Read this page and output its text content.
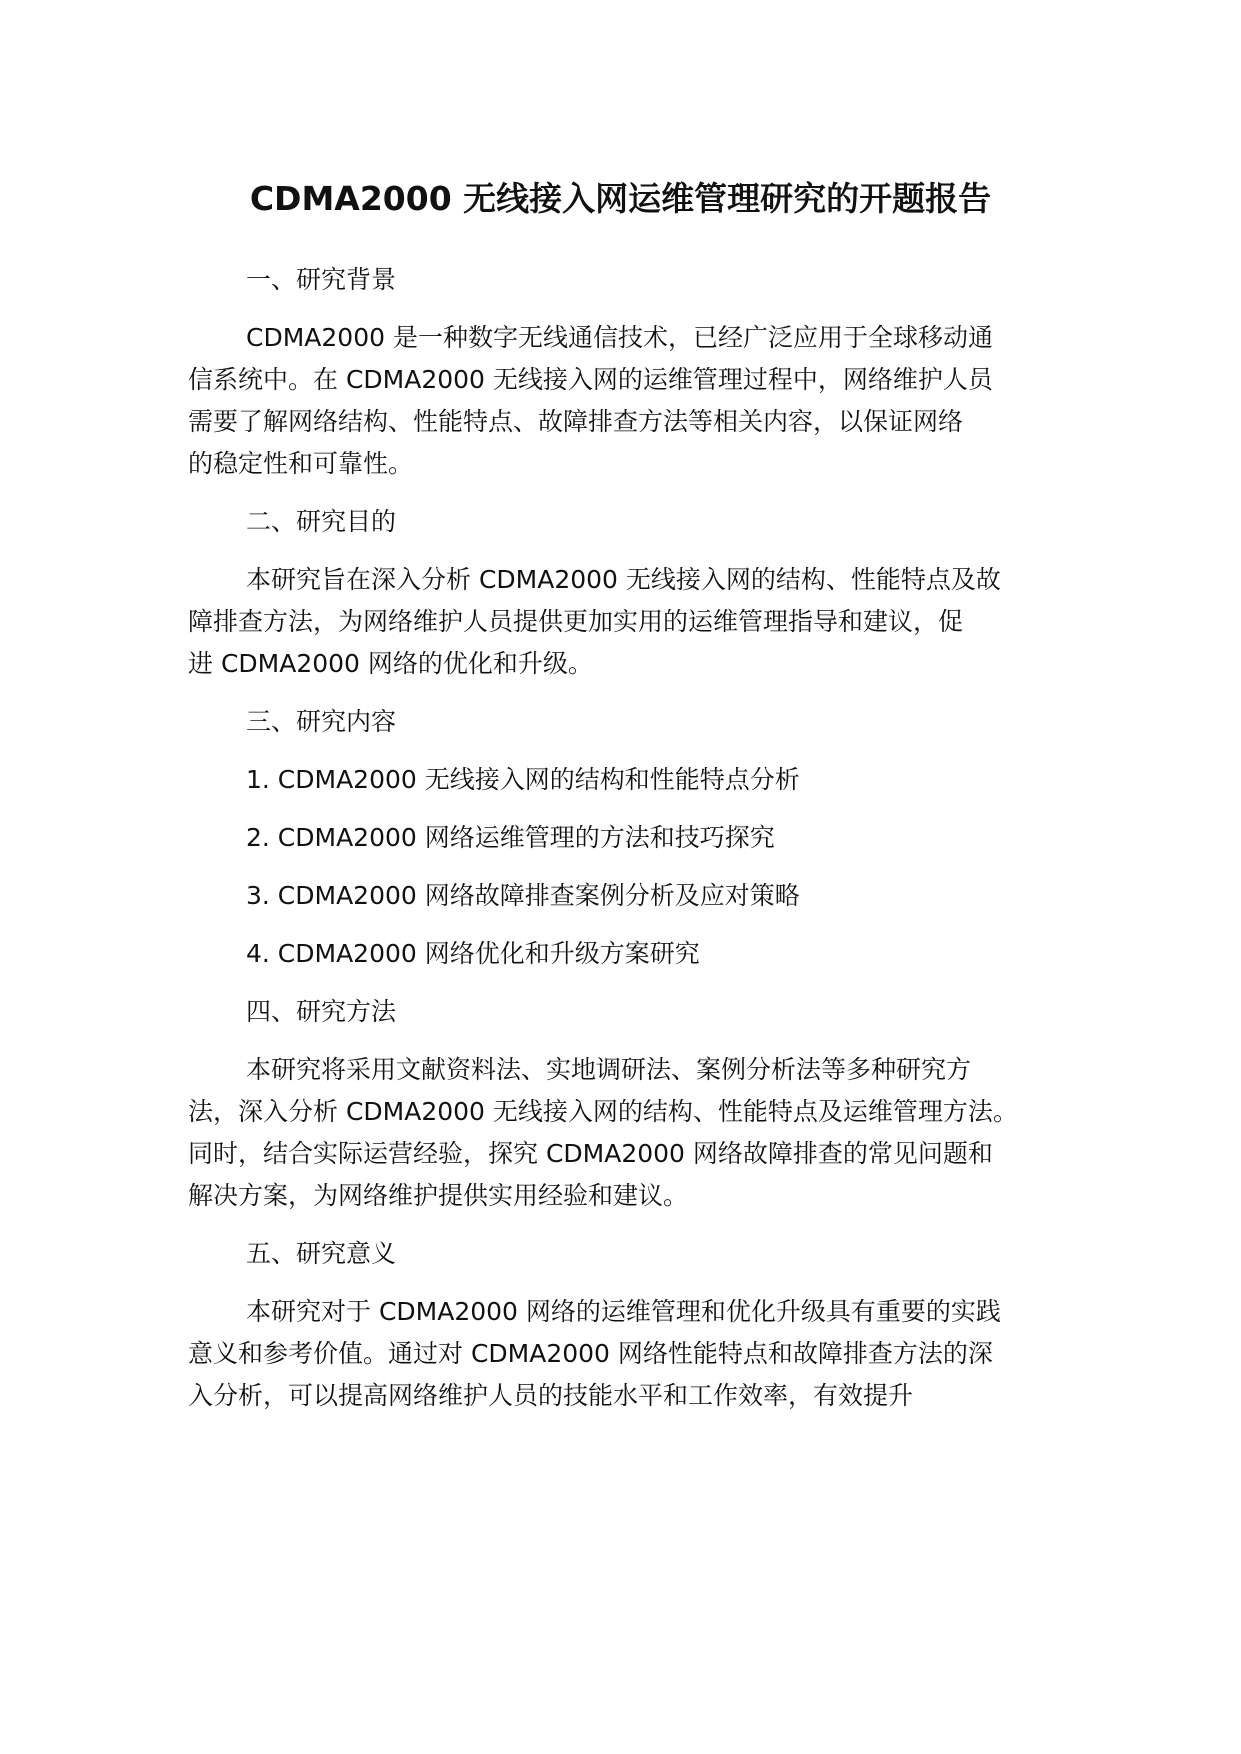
CDMA2000 无线接入网运维管理研究的开题报告

一、研究背景

CDMA2000 是一种数字无线通信技术，已经广泛应用于全球移动通

信系统中。在 CDMA2000 无线接入网的运维管理过程中，网络维护人员

需要了解网络结构、性能特点、故障排查方法等相关内容，以保证网络

的稳定性和可靠性。

二、研究目的

本研究旨在深入分析 CDMA2000 无线接入网的结构、性能特点及故

障排查方法，为网络维护人员提供更加实用的运维管理指导和建议，促

进 CDMA2000 网络的优化和升级。

三、研究内容

1. CDMA2000 无线接入网的结构和性能特点分析

2. CDMA2000 网络运维管理的方法和技巧探究

3. CDMA2000 网络故障排查案例分析及应对策略

4. CDMA2000 网络优化和升级方案研究

四、研究方法

本研究将采用文献资料法、实地调研法、案例分析法等多种研究方

法，深入分析 CDMA2000 无线接入网的结构、性能特点及运维管理方法。

同时，结合实际运营经验，探究 CDMA2000 网络故障排查的常见问题和

解决方案，为网络维护提供实用经验和建议。

五、研究意义

本研究对于 CDMA2000 网络的运维管理和优化升级具有重要的实践

意义和参考价值。通过对 CDMA2000 网络性能特点和故障排查方法的深

入分析，可以提高网络维护人员的技能水平和工作效率，有效提升
